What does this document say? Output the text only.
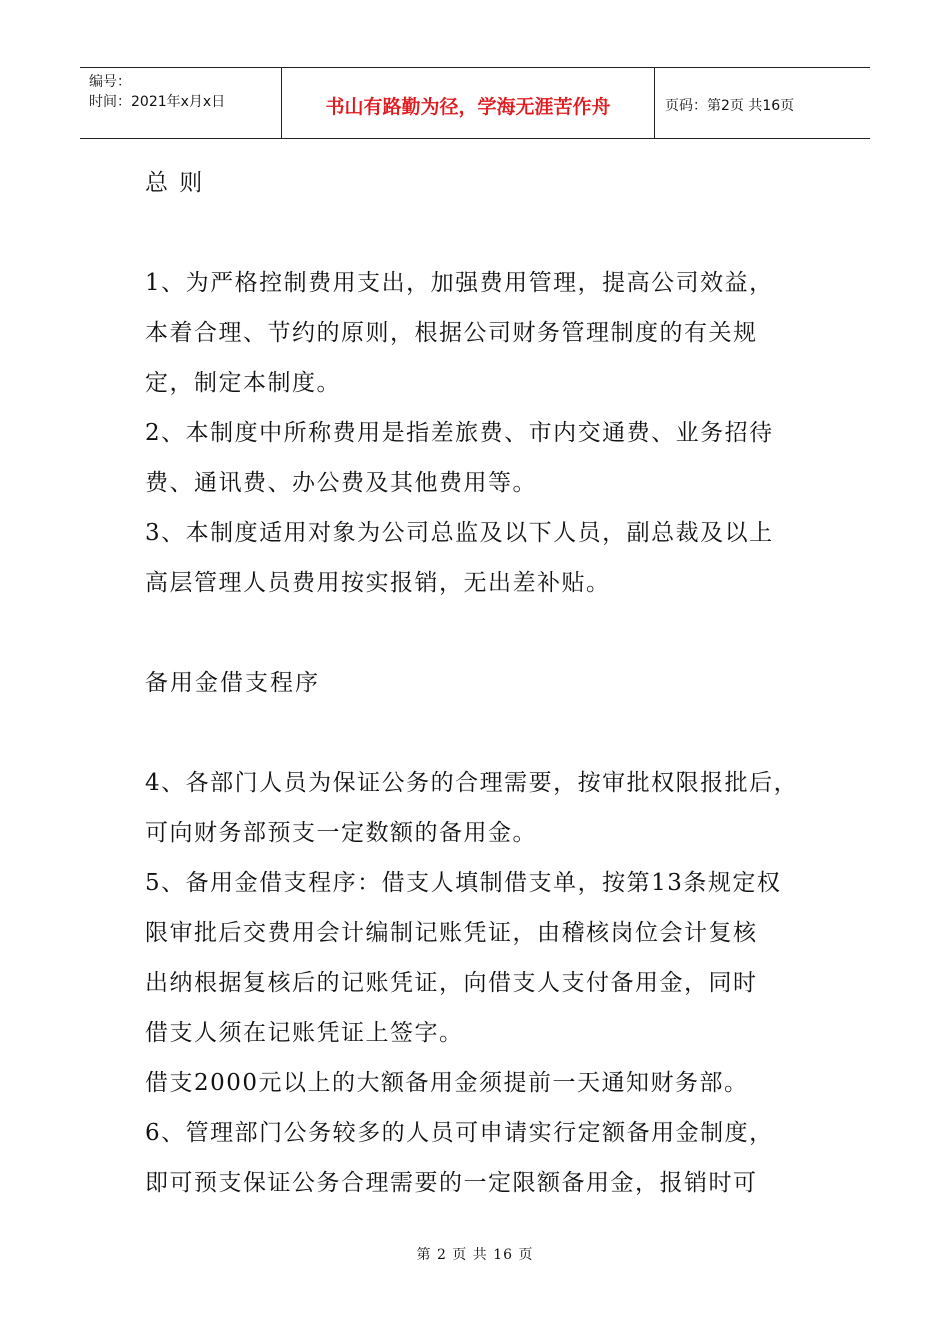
编号：
时间：2021年x月x日	书山有路勤为径，学海无涯苦作舟	页码：第2页 共16页
总 则
1、为严格控制费用支出，加强费用管理，提高公司效益，
本着合理、节约的原则，根据公司财务管理制度的有关规
定，制定本制度。
2、本制度中所称费用是指差旅费、市内交通费、业务招待
费、通讯费、办公费及其他费用等。
3、本制度适用对象为公司总监及以下人员，副总裁及以上
高层管理人员费用按实报销，无出差补贴。
备用金借支程序
4、各部门人员为保证公务的合理需要，按审批权限报批后，
可向财务部预支一定数额的备用金。
5、备用金借支程序：借支人填制借支单，按第13条规定权
限审批后交费用会计编制记账凭证，由稽核岗位会计复核
出纳根据复核后的记账凭证，向借支人支付备用金，同时
借支人须在记账凭证上签字。
借支2000元以上的大额备用金须提前一天通知财务部。
6、管理部门公务较多的人员可申请实行定额备用金制度，
即可预支保证公务合理需要的一定限额备用金，报销时可
第 2 页 共 16 页
